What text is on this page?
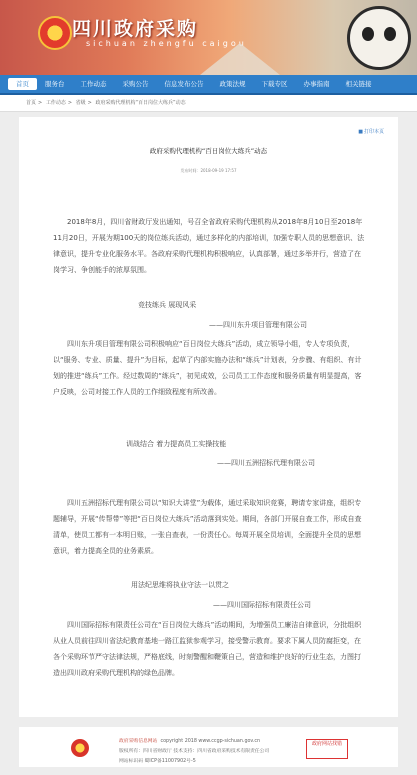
四川政府采购
sichuan zhengfu caigou
首页	服务台	工作动态	采购公告	信息发布公告	政策法规	下载专区	办事指南	相关链接
首页 > 工作动态 > 省级 > 政府采购代理机构“百日岗位大练兵”动态
■ 打印本页
政府采购代理机构“百日岗位大练兵”动态
发布时间：2018-09-19 17:57
2018年8月，四川省财政厅发出通知，号召全省政府采购代理机构从2018年8月10日至2018年11月20日，开展为期100天的岗位练兵活动，通过多样化的内部培训，加强专职人员的思想意识、法律意识，提升专业化服务水平。各政府采购代理机构积极响应，认真部署，通过多举并行，营造了在岗学习、争创能手的浓厚氛围。
竞技练兵 展现风采
——四川东升项目管理有限公司
四川东升项目管理有限公司积极响应“百日岗位大练兵”活动，成立领导小组，专人专项负责，以“服务、专业、质量、提升”为目标，起草了内部实施办法和“练兵”计划表，分步骤、有组织、有计划的推进“练兵”工作。经过数周的“练兵”，初见成效，公司员工工作态度和服务质量有明显提高，客户反映，公司对接工作人员的工作细致程度有所改善。
训战结合 着力提高员工实操技能
——四川五洲招标代理有限公司
四川五洲招标代理有限公司以“知识大讲堂”为载体，通过采取知识竞赛，聘请专家讲座，组织专题辅导，开展“传帮带”等把“百日岗位大练兵”活动落到实处。期间，各部门开展自查工作，形成自查清单，使员工都有一本明日账，一张自查表，一份责任心。每周开展全员培训，全面提升全员的思想意识，着力提高全员的业务素质。
用法纪思维将执业守法一以贯之
——四川国际招标有限责任公司
四川国际招标有限责任公司在“百日岗位大练兵”活动期间，为增强员工廉洁自律意识，分批组织从业人员前往四川省法纪教育基地一路江监狱参观学习，接受警示教育。要求下属人员防腐拒变，在各个采购环节严守法律法规，严格底线，时刻警醒和鞭策自己，营造和维护良好的行业生态，力图打造出四川政府采购代理机构的绿色品牌。
政府采购信息网站 copyright 2018 www.ccgp-sichuan.gov.cn
版权所有：四川省财政厅 技术支持：四川省政府采购技术有限责任公司
网站标识码 蜀ICP备11007902号-5
政府网站找错
